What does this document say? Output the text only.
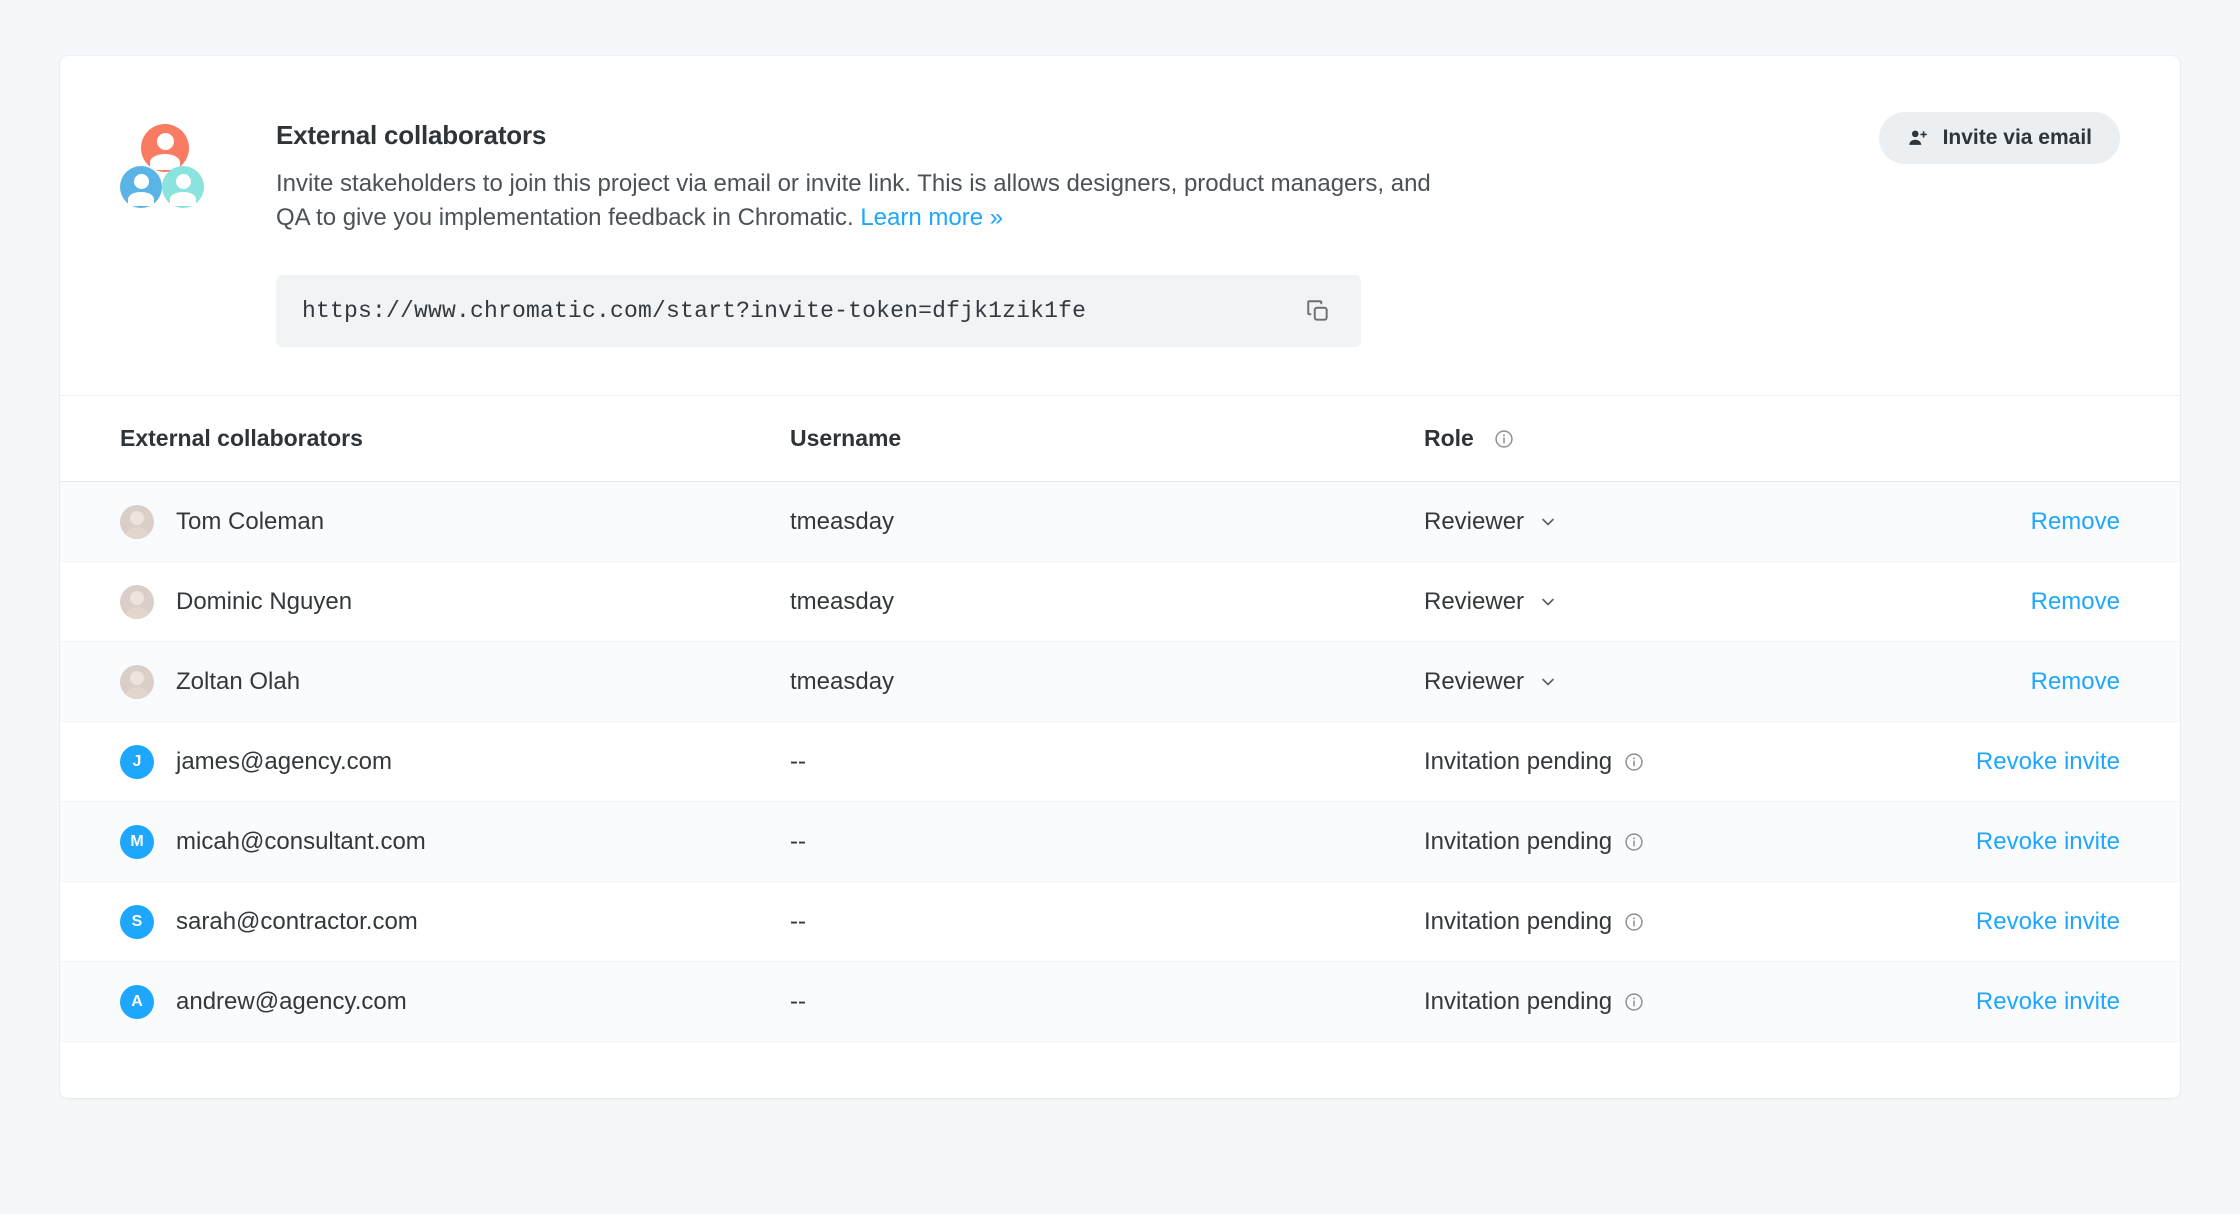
External collaborators

Invite stakeholders to join this project via email or invite link. This is allows designers, product managers, and QA to give you implementation feedback in Chromatic. Learn more »

https://www.chromatic.com/start?invite-token=dfjk1zik1fe
Invite via email
External collaborators	Username	Role
Tom Coleman	tmeasday	Reviewer	Remove
Dominic Nguyen	tmeasday	Reviewer	Remove
Zoltan Olah	tmeasday	Reviewer	Remove
J	james@agency.com	--	Invitation pending	Revoke invite
M	micah@consultant.com	--	Invitation pending	Revoke invite
S	sarah@contractor.com	--	Invitation pending	Revoke invite
A	andrew@agency.com	--	Invitation pending	Revoke invite
